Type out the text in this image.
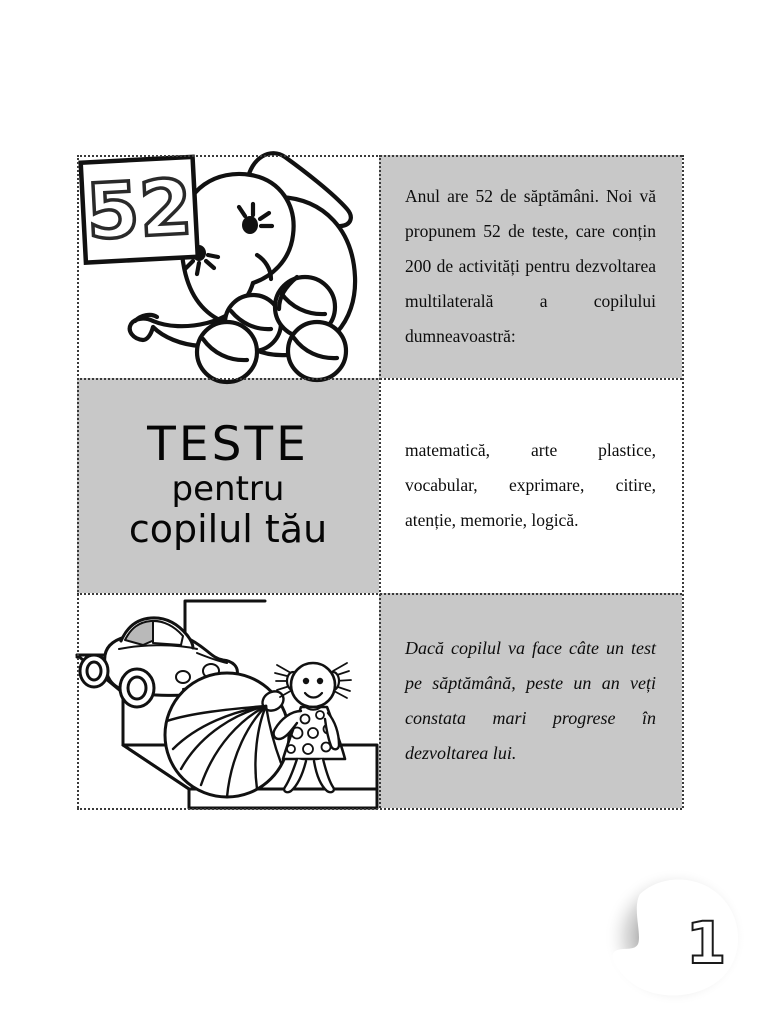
52	Anul are 52 de săptămâni. Noi vă propunem 52 de teste, care conțin 200 de activități pentru dezvoltarea multilaterală a copilului dumneavoastră:

TESTE
pentru
copilul tău

matematică, arte plastice, vocabular, exprimare, citire, atenție, memorie, logică.

Dacă copilul va face câte un test pe săptămână, peste un an veți constata mari progrese în dezvoltarea lui.

1
